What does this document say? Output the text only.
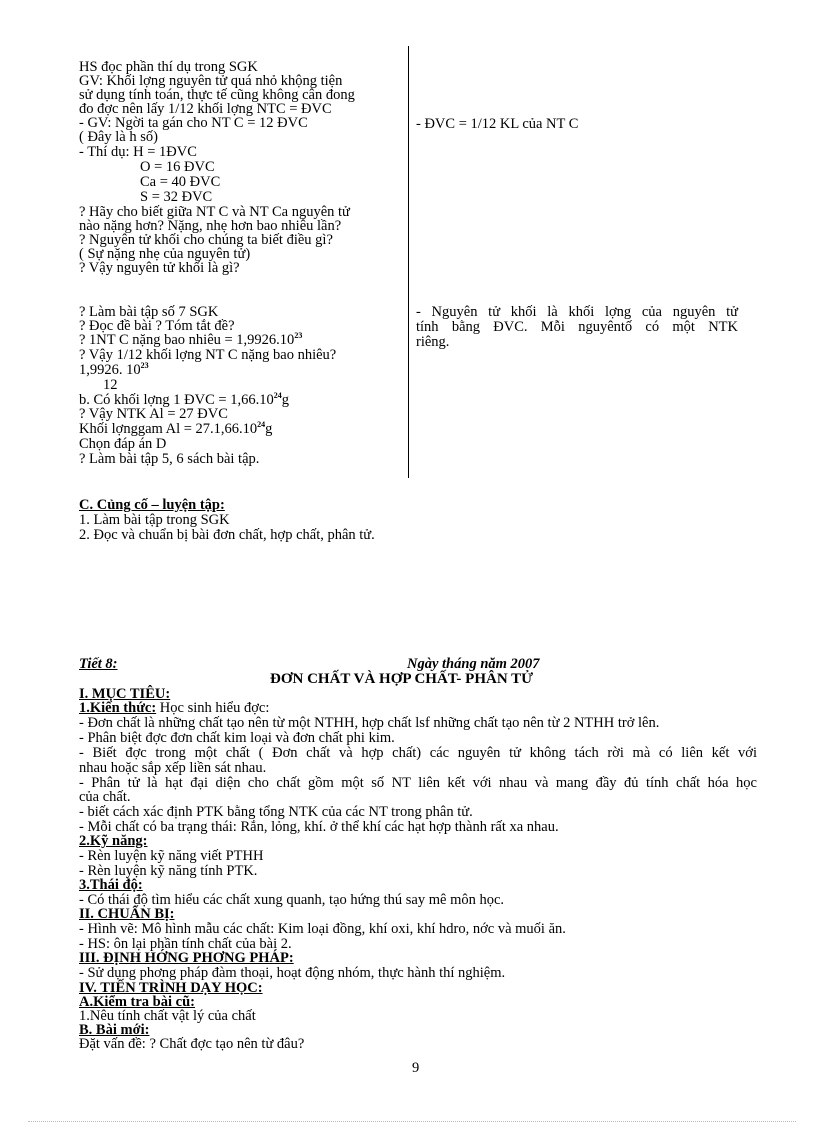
HS đọc phần thí dụ trong SGK
GV: Khối lợng nguyên tử quá nhỏ khộng tiện
sử dụng tính toán, thực tế cũng không cân đong
đo đợc nên lấy 1/12 khối lợng NTC = ĐVC
- GV: Ngời ta gán cho NT C = 12 ĐVC
( Đây là h số)
- Thí dụ: H = 1ĐVC
O = 16 ĐVC
Ca = 40 ĐVC
S = 32 ĐVC
? Hãy cho biết giữa NT C và NT Ca nguyên tử
nào nặng hơn? Nặng, nhẹ hơn bao nhiêu lần?
? Nguyên tử khối cho chúng ta biết điều gì?
( Sự nặng nhẹ của nguyên tử)
? Vậy nguyên tử khối là gì?
- ĐVC = 1/12 KL của NT C
? Làm bài tập số 7 SGK
? Đọc đề bài ? Tóm tắt đề?
? 1NT C nặng bao nhiêu = $1,9926.10^{23}$
? Vậy 1/12 khối lợng NT C nặng bao nhiêu?
1,9926. $10^{23}$
12
b. Có khối lợng 1 ĐVC = $1,66.10^{24}g$
? Vậy NTK Al = 27 ĐVC
Khối lợnggam $Al = 27.1,66.10^{24}g$
Chọn đáp án D
? Làm bài tập 5, 6 sách bài tập.
- Nguyên tử khối là khối lợng của nguyên tử
tính bằng ĐVC. Mỗi nguyêntố có một NTK
riêng.
C. Củng cố – luyện tập:
1. Làm bài tập trong SGK
2. Đọc và chuẩn bị bài đơn chất, hợp chất, phân tử.
Tiết 8:	Ngày tháng năm 2007
ĐƠN CHẤT VÀ HỢP CHẤT- PHÂN TỬ
I. MỤC TIÊU:
1.Kiến thức: Học sinh hiểu đợc:
- Đơn chất là những chất tạo nên từ một NTHH, hợp chất lsf những chất tạo nên từ 2 NTHH trở lên.
- Phân biệt đợc đơn chất kim loại và đơn chất phi kim.
- Biết đợc trong một chất ( Đơn chất và hợp chất) các nguyên tử không tách rời mà có liên kết với
nhau hoặc sắp xếp liền sát nhau.
- Phân tử là hạt đại diện cho chất gồm một số NT liên kết với nhau và mang đầy đủ tính chất hóa học
của chất.
- biết cách xác định PTK bằng tổng NTK của các NT trong phân tử.
- Mỗi chất có ba trạng thái: Rắn, lỏng, khí. ở thể khí các hạt hợp thành rất xa nhau.
2.Kỹ năng:
- Rèn luyện kỹ năng viết PTHH
- Rèn luyện kỹ năng tính PTK.
3.Thái độ:
- Có thái độ tìm hiểu các chất xung quanh, tạo hứng thú say mê môn học.
II. CHUẨN BỊ:
- Hình vẽ: Mô hình mẫu các chất: Kim loại đồng, khí oxi, khí hdro, nớc và muối ăn.
- HS: ôn lại phần tính chất của bài 2.
III. ĐỊNH HỚNG PHƠNG PHÁP:
- Sử dụng phơng pháp đàm thoại, hoạt động nhóm, thực hành thí nghiệm.
IV. TIẾN TRÌNH DẠY HỌC:
A.Kiểm tra bài cũ:
1.Nêu tính chất vật lý của chất
B. Bài mới:
Đặt vấn đề: ? Chất đợc tạo nên từ đâu?
9
